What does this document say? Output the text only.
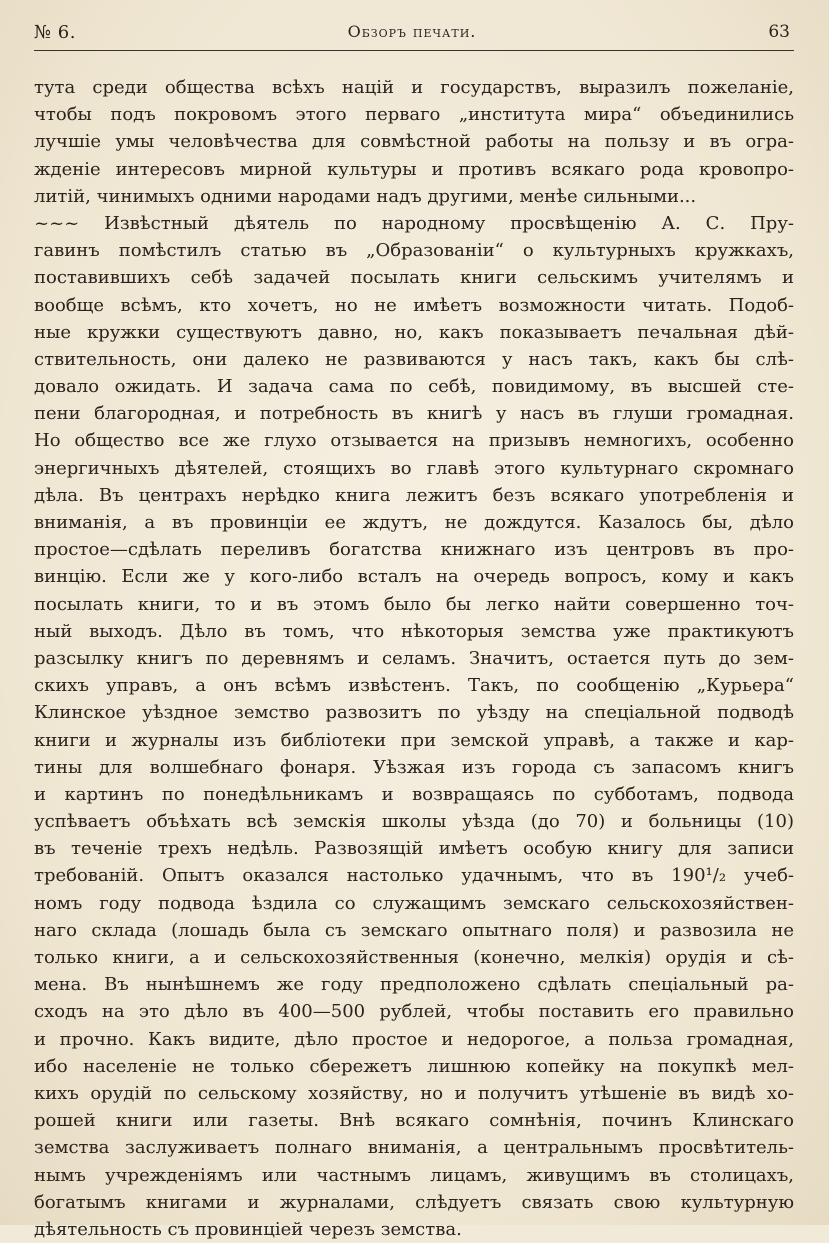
№ 6.	Обзоръ печати.	63
тута среди общества всѣхъ націй и государствъ, выразилъ пожеланіе,
чтобы подъ покровомъ этого перваго „института мира“ объединились
лучшіе умы человѣчества для совмѣстной работы на пользу и въ огра-
жденіе интересовъ мирной культуры и противъ всякаго рода кровопро-
литій, чинимыхъ одними народами надъ другими, менѣе сильными...
~~~ Извѣстный дѣятель по народному просвѣщенію А. С. Пру-
гавинъ помѣстилъ статью въ „Образованіи“ о культурныхъ кружкахъ,
поставившихъ себѣ задачей посылать книги сельскимъ учителямъ и
вообще всѣмъ, кто хочетъ, но не имѣетъ возможности читать. Подоб-
ные кружки существуютъ давно, но, какъ показываетъ печальная дѣй-
ствительность, они далеко не развиваются у насъ такъ, какъ бы слѣ-
довало ожидать. И задача сама по себѣ, повидимому, въ высшей сте-
пени благородная, и потребность въ книгѣ у насъ въ глуши громадная.
Но общество все же глухо отзывается на призывъ немногихъ, особенно
энергичныхъ дѣятелей, стоящихъ во главѣ этого культурнаго скромнаго
дѣла. Въ центрахъ нерѣдко книга лежитъ безъ всякаго употребленія и
вниманія, а въ провинціи ее ждутъ, не дождутся. Казалось бы, дѣло
простое—сдѣлать переливъ богатства книжнаго изъ центровъ въ про-
винцію. Если же у кого-либо всталъ на очередь вопросъ, кому и какъ
посылать книги, то и въ этомъ было бы легко найти совершенно точ-
ный выходъ. Дѣло въ томъ, что нѣкоторыя земства уже практикуютъ
разсылку книгъ по деревнямъ и селамъ. Значитъ, остается путь до зем-
скихъ управъ, а онъ всѣмъ извѣстенъ. Такъ, по сообщенію „Курьера“
Клинское уѣздное земство развозитъ по уѣзду на спеціальной подводѣ
книги и журналы изъ библіотеки при земской управѣ, а также и кар-
тины для волшебнаго фонаря. Уѣзжая изъ города съ запасомъ книгъ
и картинъ по понедѣльникамъ и возвращаясь по субботамъ, подвода
успѣваетъ объѣхать всѣ земскія школы уѣзда (до 70) и больницы (10)
въ теченіе трехъ недѣль. Развозящій имѣетъ особую книгу для записи
требованій. Опытъ оказался настолько удачнымъ, что въ 190¹/₂ учеб-
номъ году подвода ѣздила со служащимъ земскаго сельскохозяйствен-
наго склада (лошадь была съ земскаго опытнаго поля) и развозила не
только книги, а и сельскохозяйственныя (конечно, мелкія) орудія и сѣ-
мена. Въ нынѣшнемъ же году предположено сдѣлать спеціальный ра-
сходъ на это дѣло въ 400—500 рублей, чтобы поставить его правильно
и прочно. Какъ видите, дѣло простое и недорогое, а польза громадная,
ибо населеніе не только сбережетъ лишнюю копейку на покупкѣ мел-
кихъ орудій по сельскому хозяйству, но и получитъ утѣшеніе въ видѣ хо-
рошей книги или газеты. Внѣ всякаго сомнѣнія, починъ Клинскаго
земства заслуживаетъ полнаго вниманія, а центральнымъ просвѣтитель-
нымъ учрежденіямъ или частнымъ лицамъ, живущимъ въ столицахъ,
богатымъ книгами и журналами, слѣдуетъ связать свою культурную
дѣятельность съ провинціей черезъ земства.
